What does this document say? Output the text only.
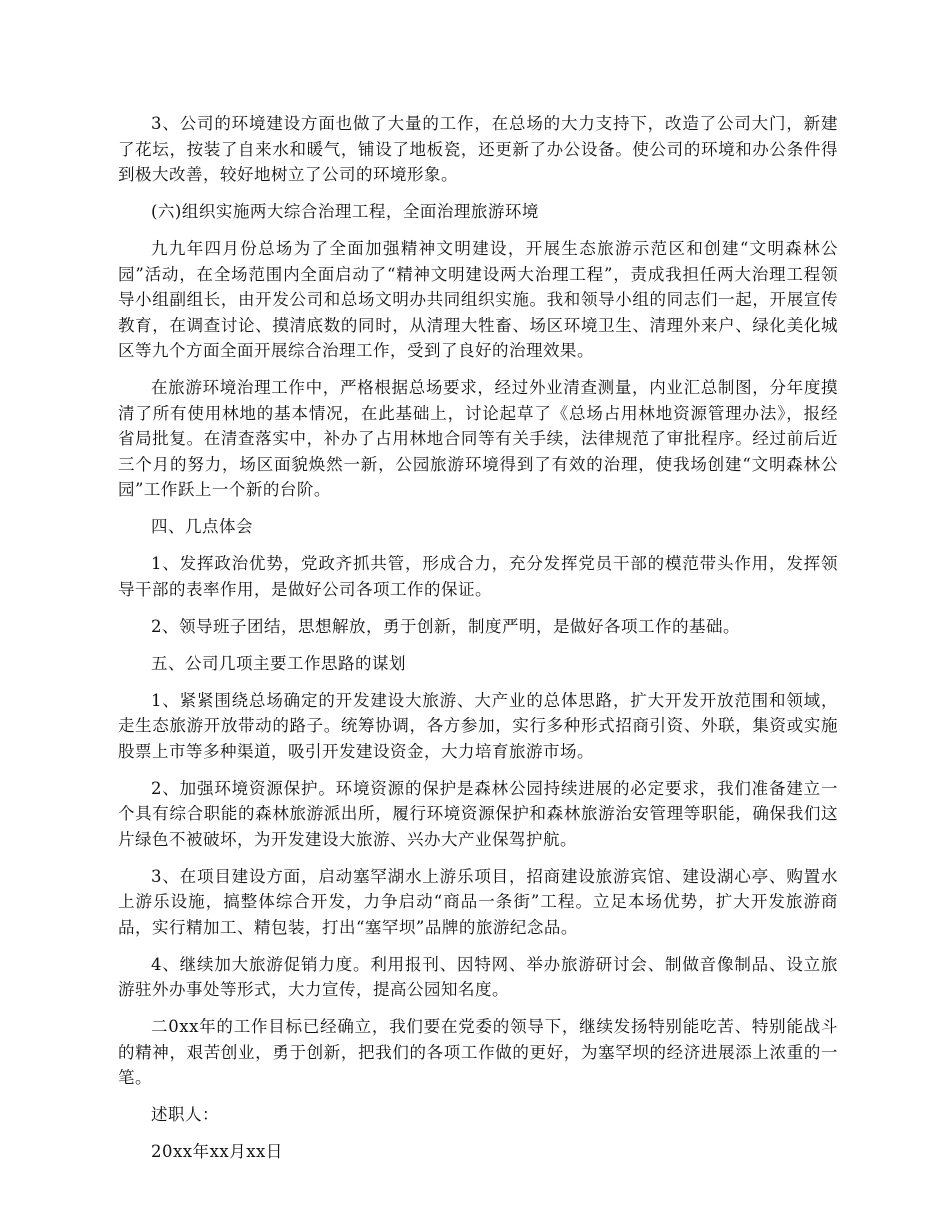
3、公司的环境建设方面也做了大量的工作，在总场的大力支持下，改造了公司大门，新建了花坛，按装了自来水和暖气，铺设了地板瓷，还更新了办公设备。使公司的环境和办公条件得到极大改善，较好地树立了公司的环境形象。

(六)组织实施两大综合治理工程，全面治理旅游环境

九九年四月份总场为了全面加强精神文明建设，开展生态旅游示范区和创建“文明森林公园”活动，在全场范围内全面启动了“精神文明建设两大治理工程”，责成我担任两大治理工程领导小组副组长，由开发公司和总场文明办共同组织实施。我和领导小组的同志们一起，开展宣传教育，在调查讨论、摸清底数的同时，从清理大牲畜、场区环境卫生、清理外来户、绿化美化城区等九个方面全面开展综合治理工作，受到了良好的治理效果。

在旅游环境治理工作中，严格根据总场要求，经过外业清查测量，内业汇总制图，分年度摸清了所有使用林地的基本情况，在此基础上，讨论起草了《总场占用林地资源管理办法》，报经省局批复。在清查落实中，补办了占用林地合同等有关手续，法律规范了审批程序。经过前后近三个月的努力，场区面貌焕然一新，公园旅游环境得到了有效的治理，使我场创建“文明森林公园”工作跃上一个新的台阶。

四、几点体会

1、发挥政治优势，党政齐抓共管，形成合力，充分发挥党员干部的模范带头作用，发挥领导干部的表率作用，是做好公司各项工作的保证。

2、领导班子团结，思想解放，勇于创新，制度严明，是做好各项工作的基础。

五、公司几项主要工作思路的谋划

1、紧紧围绕总场确定的开发建设大旅游、大产业的总体思路，扩大开发开放范围和领域，走生态旅游开放带动的路子。统筹协调，各方参加，实行多种形式招商引资、外联，集资或实施股票上市等多种渠道，吸引开发建设资金，大力培育旅游市场。

2、加强环境资源保护。环境资源的保护是森林公园持续进展的必定要求，我们准备建立一个具有综合职能的森林旅游派出所，履行环境资源保护和森林旅游治安管理等职能，确保我们这片绿色不被破坏，为开发建设大旅游、兴办大产业保驾护航。

3、在项目建设方面，启动塞罕湖水上游乐项目，招商建设旅游宾馆、建设湖心亭、购置水上游乐设施，搞整体综合开发，力争启动“商品一条街”工程。立足本场优势，扩大开发旅游商品，实行精加工、精包装，打出“塞罕坝”品牌的旅游纪念品。

4、继续加大旅游促销力度。利用报刊、因特网、举办旅游研讨会、制做音像制品、设立旅游驻外办事处等形式，大力宣传，提高公园知名度。

二0xx年的工作目标已经确立，我们要在党委的领导下，继续发扬特别能吃苦、特别能战斗的精神，艰苦创业，勇于创新，把我们的各项工作做的更好，为塞罕坝的经济进展添上浓重的一笔。

述职人：

20xx年xx月xx日
